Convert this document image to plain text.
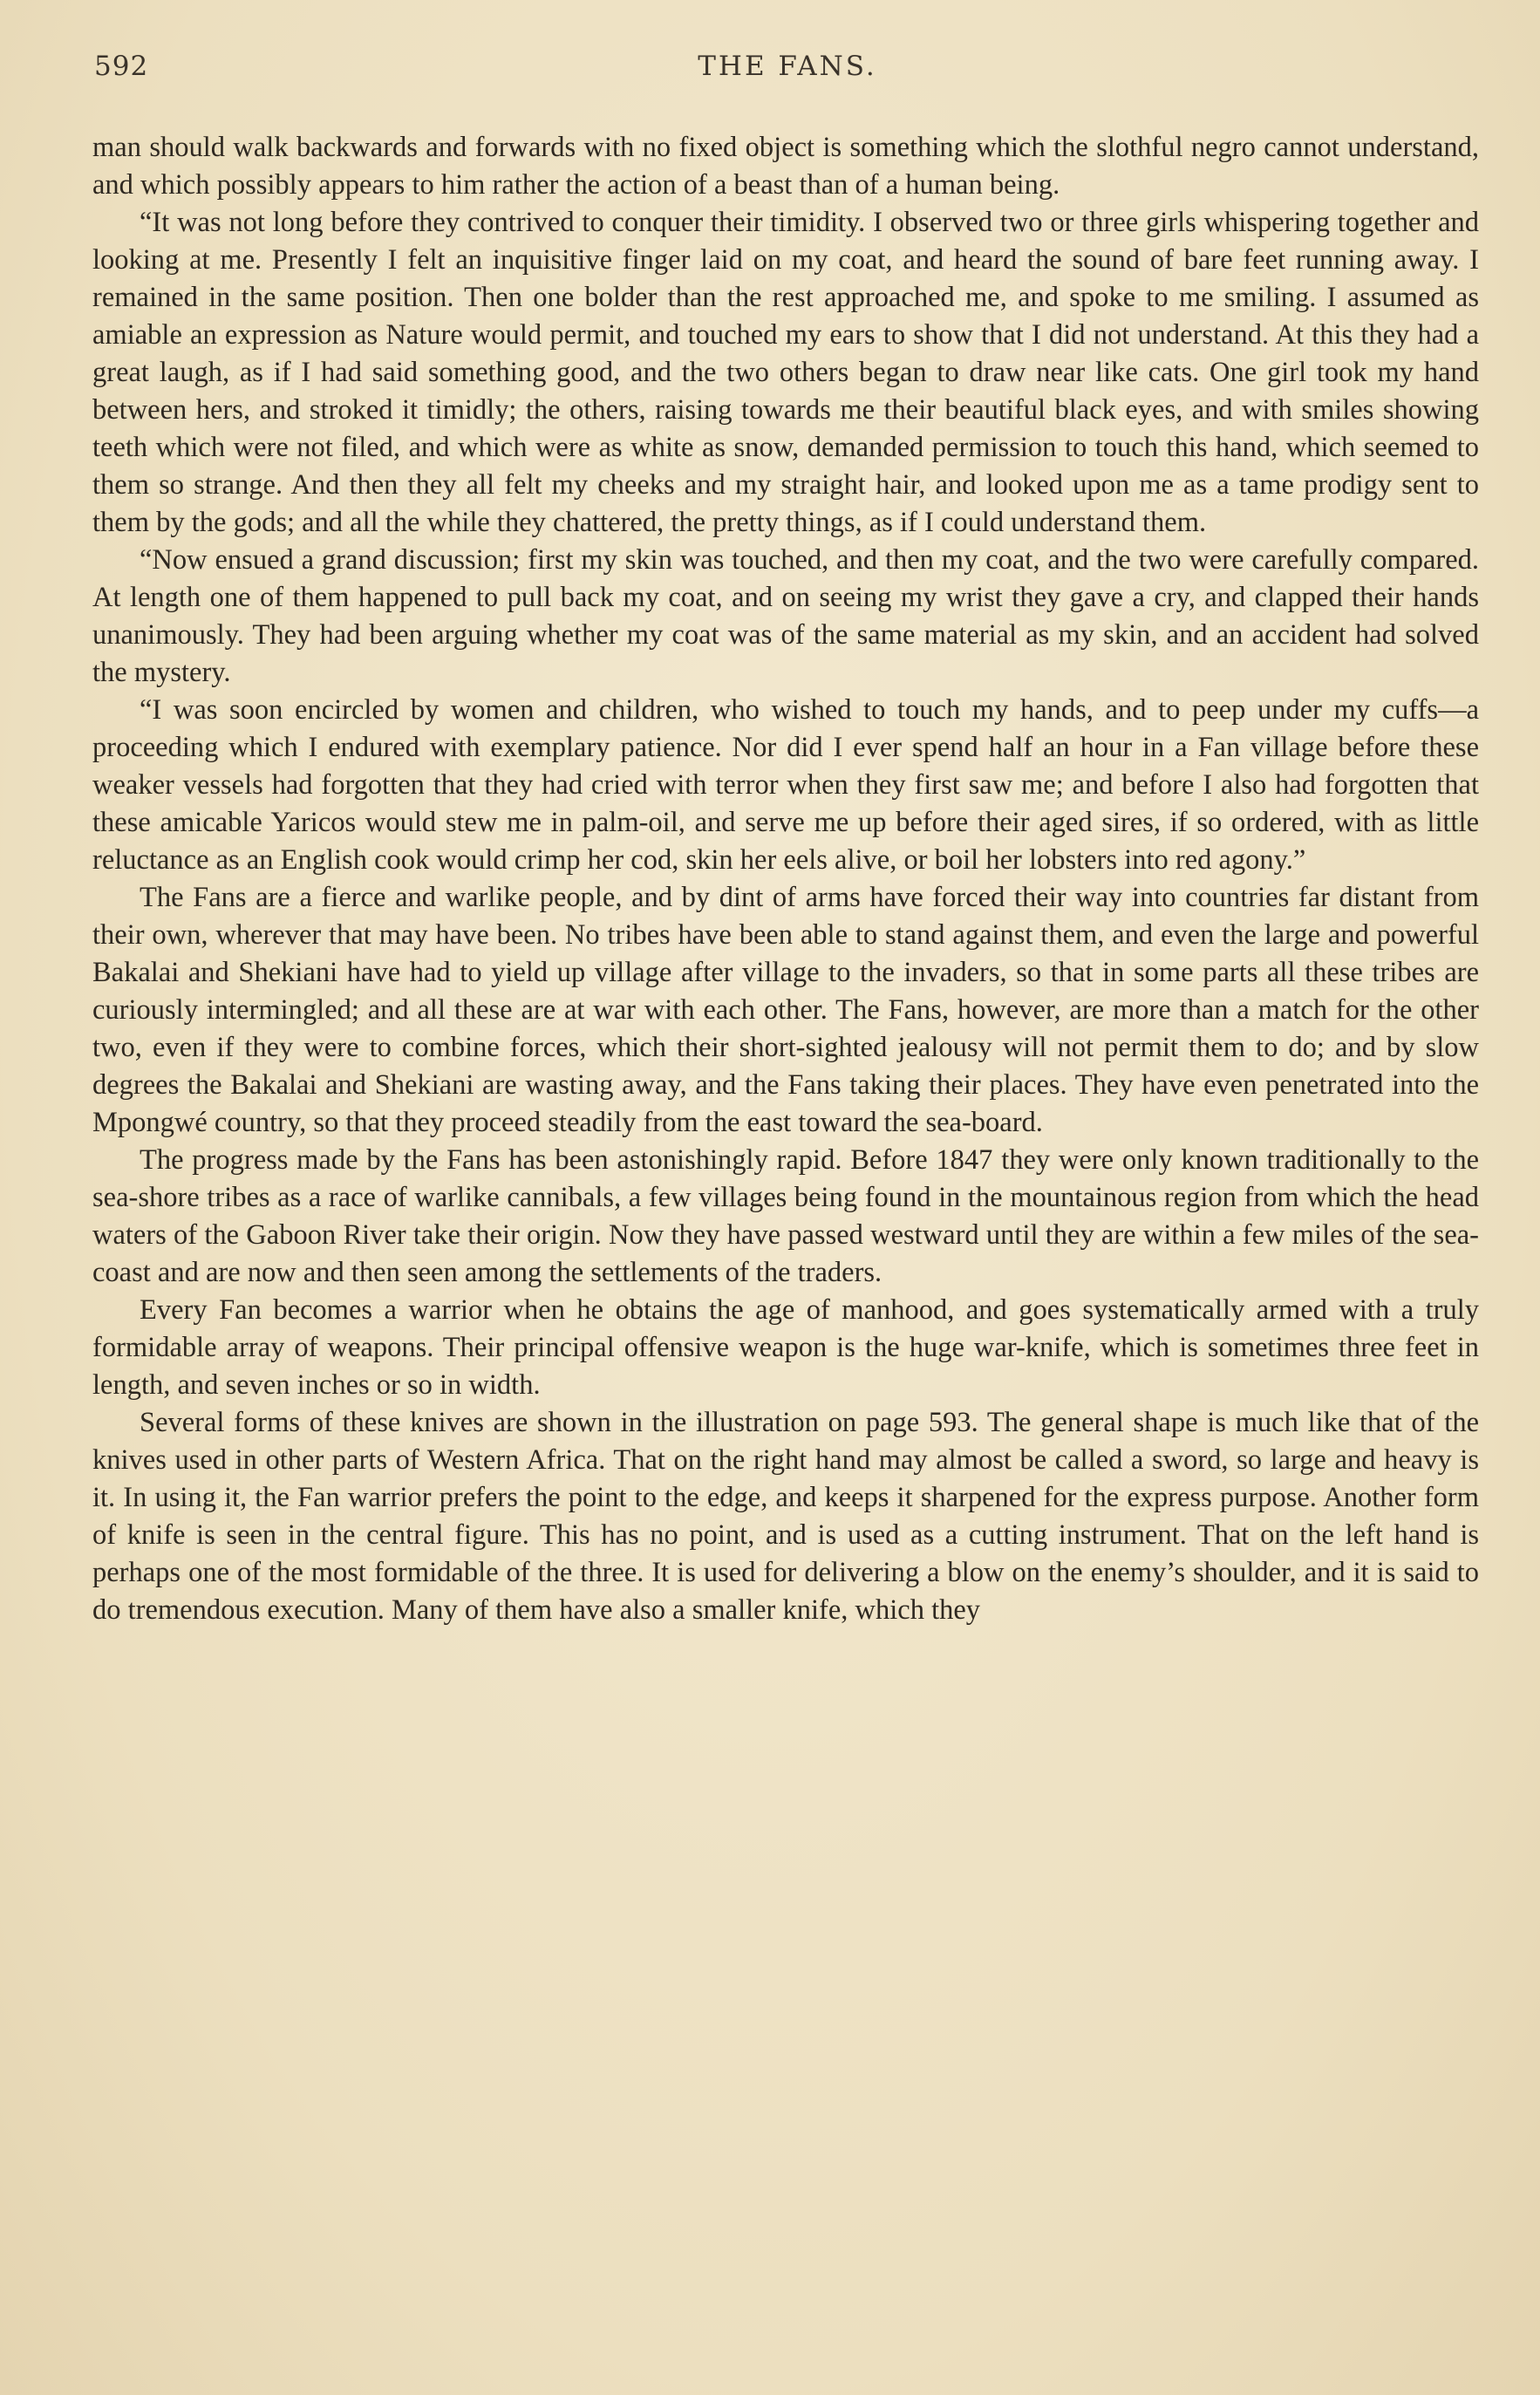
592	THE FANS.

man should walk backwards and forwards with no fixed object is something which the slothful negro cannot understand, and which possibly appears to him rather the action of a beast than of a human being.

“It was not long before they contrived to conquer their timidity. I observed two or three girls whispering together and looking at me. Presently I felt an inquisitive finger laid on my coat, and heard the sound of bare feet running away. I remained in the same position. Then one bolder than the rest approached me, and spoke to me smiling. I assumed as amiable an expression as Nature would permit, and touched my ears to show that I did not understand. At this they had a great laugh, as if I had said something good, and the two others began to draw near like cats. One girl took my hand between hers, and stroked it timidly; the others, raising towards me their beautiful black eyes, and with smiles showing teeth which were not filed, and which were as white as snow, demanded permission to touch this hand, which seemed to them so strange. And then they all felt my cheeks and my straight hair, and looked upon me as a tame prodigy sent to them by the gods; and all the while they chattered, the pretty things, as if I could understand them.

“Now ensued a grand discussion; first my skin was touched, and then my coat, and the two were carefully compared. At length one of them happened to pull back my coat, and on seeing my wrist they gave a cry, and clapped their hands unanimously. They had been arguing whether my coat was of the same material as my skin, and an accident had solved the mystery.

“I was soon encircled by women and children, who wished to touch my hands, and to peep under my cuffs—a proceeding which I endured with exemplary patience. Nor did I ever spend half an hour in a Fan village before these weaker vessels had forgotten that they had cried with terror when they first saw me; and before I also had forgotten that these amicable Yaricos would stew me in palm-oil, and serve me up before their aged sires, if so ordered, with as little reluctance as an English cook would crimp her cod, skin her eels alive, or boil her lobsters into red agony.”

The Fans are a fierce and warlike people, and by dint of arms have forced their way into countries far distant from their own, wherever that may have been. No tribes have been able to stand against them, and even the large and powerful Bakalai and Shekiani have had to yield up village after village to the invaders, so that in some parts all these tribes are curiously intermingled; and all these are at war with each other. The Fans, however, are more than a match for the other two, even if they were to combine forces, which their short-sighted jealousy will not permit them to do; and by slow degrees the Bakalai and Shekiani are wasting away, and the Fans taking their places. They have even penetrated into the Mpongwé country, so that they proceed steadily from the east toward the sea-board.

The progress made by the Fans has been astonishingly rapid. Before 1847 they were only known traditionally to the sea-shore tribes as a race of warlike cannibals, a few villages being found in the mountainous region from which the head waters of the Gaboon River take their origin. Now they have passed westward until they are within a few miles of the sea-coast and are now and then seen among the settlements of the traders.

Every Fan becomes a warrior when he obtains the age of manhood, and goes systematically armed with a truly formidable array of weapons. Their principal offensive weapon is the huge war-knife, which is sometimes three feet in length, and seven inches or so in width.

Several forms of these knives are shown in the illustration on page 593. The general shape is much like that of the knives used in other parts of Western Africa. That on the right hand may almost be called a sword, so large and heavy is it. In using it, the Fan warrior prefers the point to the edge, and keeps it sharpened for the express purpose. Another form of knife is seen in the central figure. This has no point, and is used as a cutting instrument. That on the left hand is perhaps one of the most formidable of the three. It is used for delivering a blow on the enemy’s shoulder, and it is said to do tremendous execution. Many of them have also a smaller knife, which they
